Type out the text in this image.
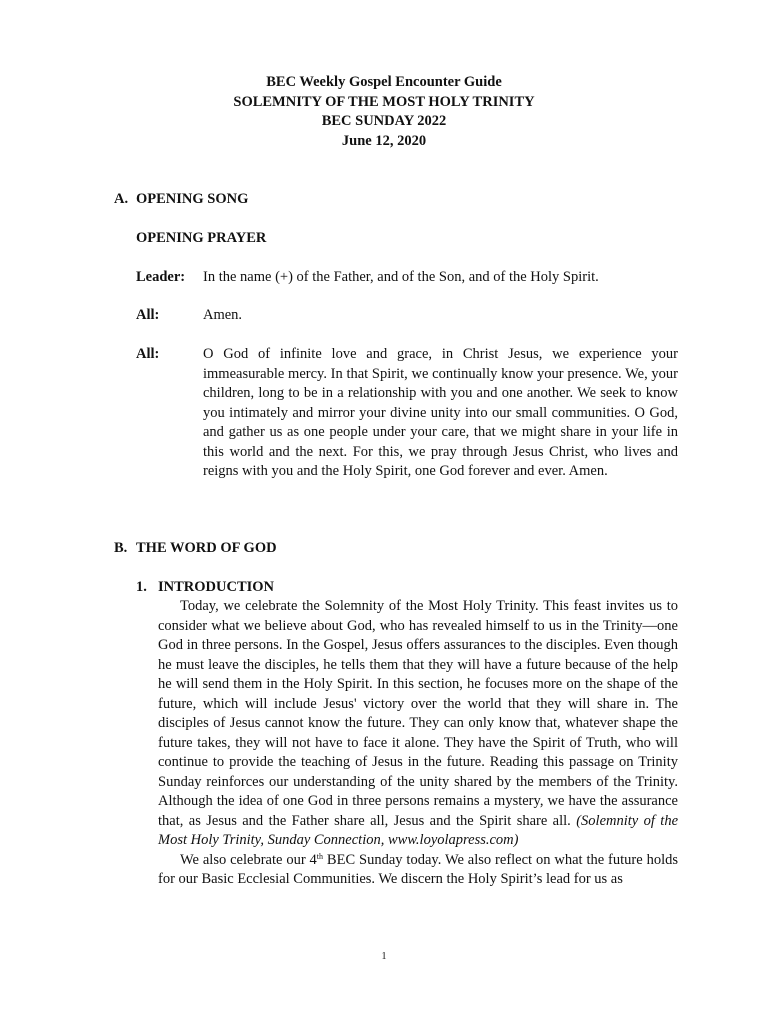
BEC Weekly Gospel Encounter Guide
SOLEMNITY OF THE MOST HOLY TRINITY
BEC SUNDAY 2022
June 12, 2020
A. OPENING SONG
OPENING PRAYER
Leader: In the name (+) of the Father, and of the Son, and of the Holy Spirit.
All:	Amen.
All:	O God of infinite love and grace, in Christ Jesus, we experience your immeasurable mercy. In that Spirit, we continually know your presence. We, your children, long to be in a relationship with you and one another. We seek to know you intimately and mirror your divine unity into our small communities. O God, and gather us as one people under your care, that we might share in your life in this world and the next. For this, we pray through Jesus Christ, who lives and reigns with you and the Holy Spirit, one God forever and ever. Amen.
B. THE WORD OF GOD
1. INTRODUCTION

Today, we celebrate the Solemnity of the Most Holy Trinity. This feast invites us to consider what we believe about God, who has revealed himself to us in the Trinity—one God in three persons. In the Gospel, Jesus offers assurances to the disciples. Even though he must leave the disciples, he tells them that they will have a future because of the help he will send them in the Holy Spirit. In this section, he focuses more on the shape of the future, which will include Jesus' victory over the world that they will share in. The disciples of Jesus cannot know the future. They can only know that, whatever shape the future takes, they will not have to face it alone. They have the Spirit of Truth, who will continue to provide the teaching of Jesus in the future. Reading this passage on Trinity Sunday reinforces our understanding of the unity shared by the members of the Trinity. Although the idea of one God in three persons remains a mystery, we have the assurance that, as Jesus and the Father share all, Jesus and the Spirit share all. (Solemnity of the Most Holy Trinity, Sunday Connection, www.loyolapress.com)

We also celebrate our 4th BEC Sunday today. We also reflect on what the future holds for our Basic Ecclesial Communities. We discern the Holy Spirit’s lead for us as

1
